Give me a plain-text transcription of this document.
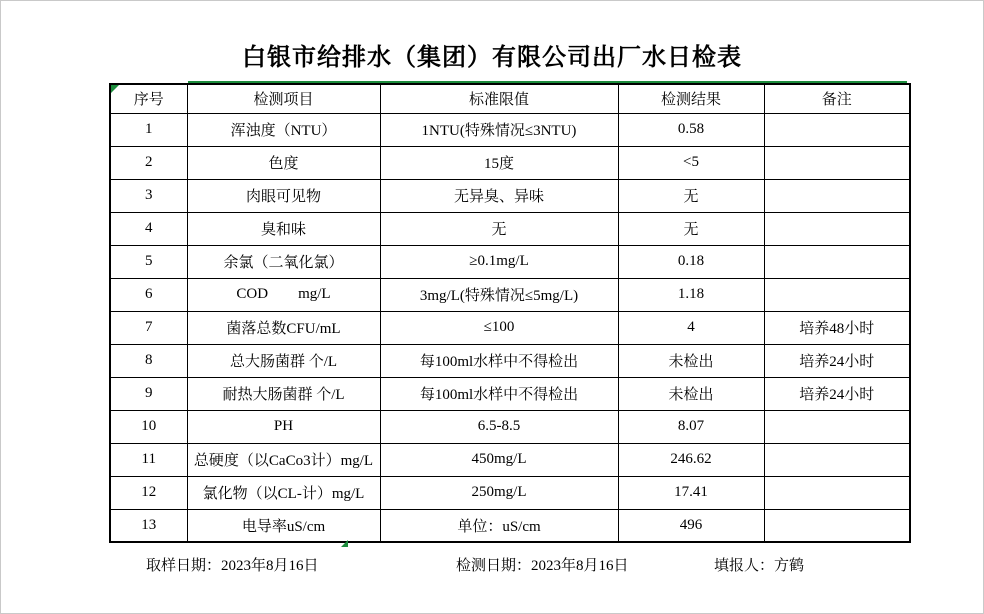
白银市给排水（集团）有限公司出厂水日检表
序号	检测项目	标准限值	检测结果	备注
1	浑浊度（NTU）	1NTU(特殊情况≤3NTU)	0.58	
2	色度	15度	<5	
3	肉眼可见物	无异臭、异味	无	
4	臭和味	无	无	
5	余氯（二氧化氯）	≥0.1mg/L	0.18	
6	COD        mg/L	3mg/L(特殊情况≤5mg/L)	1.18	
7	菌落总数CFU/mL	≤100	4	培养48小时
8	总大肠菌群 个/L	每100ml水样中不得检出	未检出	培养24小时
9	耐热大肠菌群 个/L	每100ml水样中不得检出	未检出	培养24小时
10	PH	6.5-8.5	8.07	
11	总硬度（以CaCo3计）mg/L	450mg/L	246.62	
12	氯化物（以CL-计）mg/L	250mg/L	17.41	
13	电导率uS/cm	单位：uS/cm	496	
取样日期：2023年8月16日	检测日期：2023年8月16日	填报人：方鹤
